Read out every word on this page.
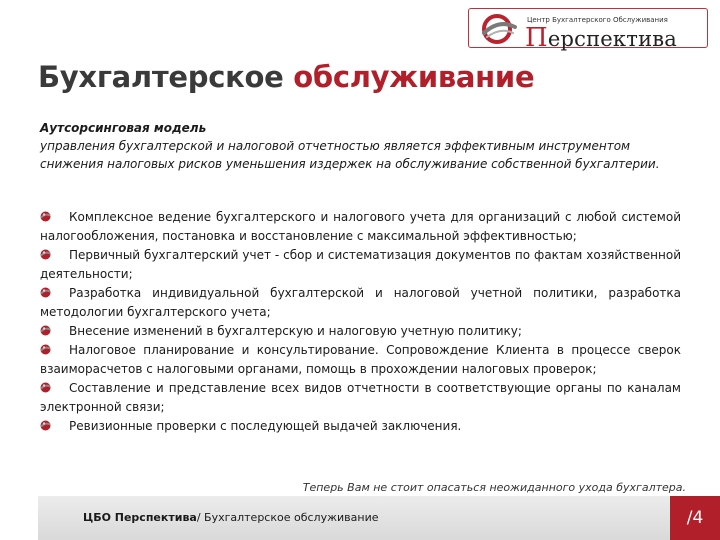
Центр Бухгалтерского Обслуживания
Перспектива
Бухгалтерское обслуживание
Аутсорсинговая модель
управления бухгалтерской и налоговой отчетностью является эффективным инструментом снижения налоговых рисков уменьшения издержек на обслуживание собственной бухгалтерии.
Комплексное ведение бухгалтерского и налогового учета для организаций с любой системой налогообложения, постановка и восстановление с максимальной эффективностью;
Первичный бухгалтерский учет - сбор и систематизация документов по фактам хозяйственной деятельности;
Разработка индивидуальной бухгалтерской и налоговой учетной политики, разработка методологии бухгалтерского учета;
Внесение изменений в бухгалтерскую и налоговую учетную политику;
Налоговое планирование и консультирование. Сопровождение Клиента в процессе сверок взаиморасчетов с налоговыми органами, помощь в прохождении налоговых проверок;
Составление и представление всех видов отчетности в соответствующие органы по каналам электронной связи;
Ревизионные проверки с последующей выдачей заключения.
Теперь Вам не стоит опасаться неожиданного ухода бухгалтера.
ЦБО Перспектива/ Бухгалтерское обслуживание	/4
